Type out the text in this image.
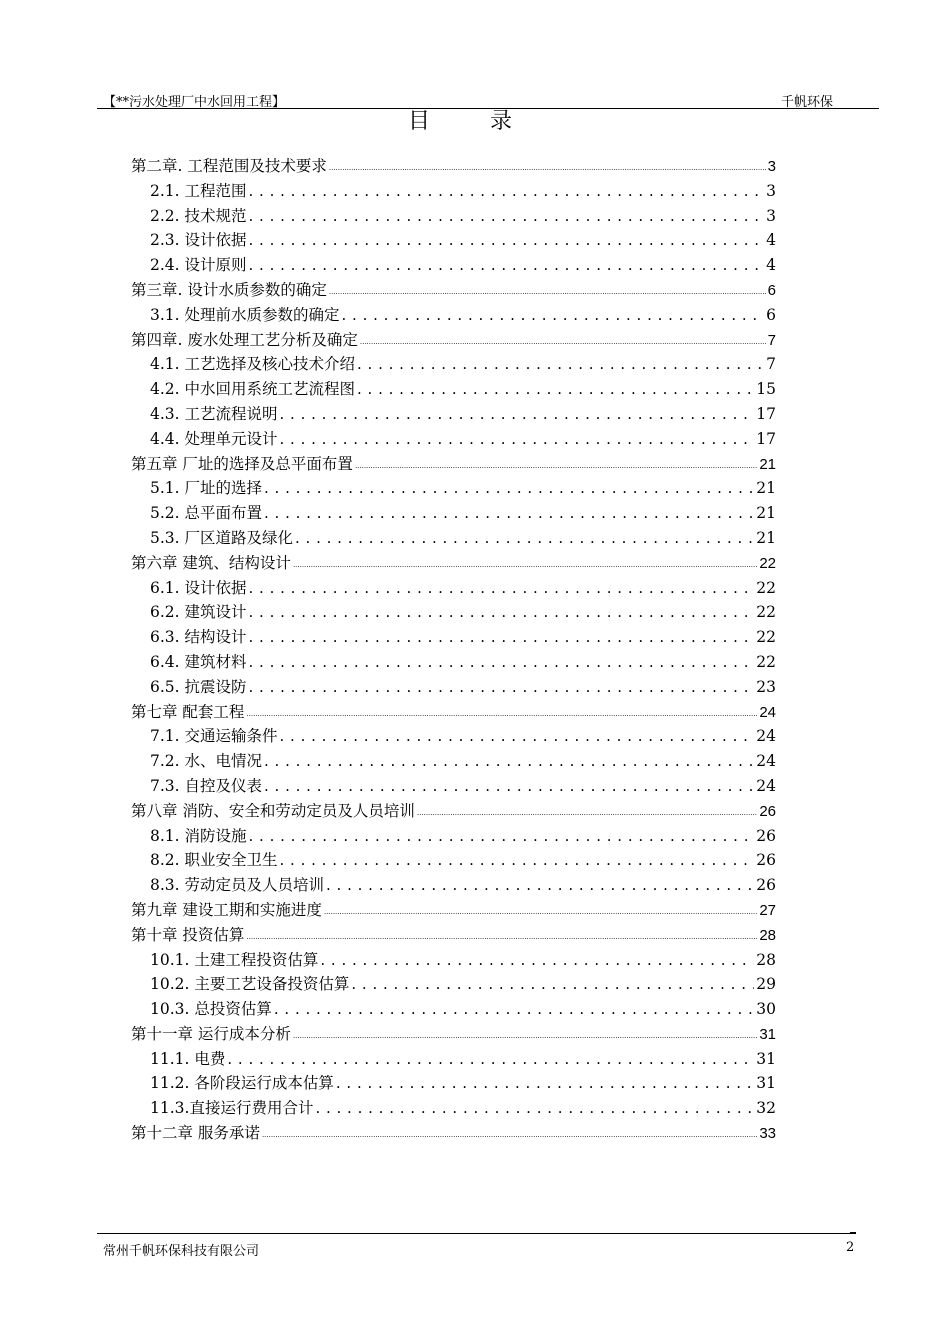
【**污水处理厂中水回用工程】	千帆环保
目录
第二章. 工程范围及技术要求 .....	3
2.1. 工程范围 . . .	3
2.2. 技术规范 . . .	3
2.3. 设计依据 . . .	4
2.4. 设计原则 . . .	4
第三章. 设计水质参数的确定 .....	6
3.1. 处理前水质参数的确定 . . .	6
第四章. 废水处理工艺分析及确定 .....	7
4.1. 工艺选择及核心技术介绍 . . .	7
4.2. 中水回用系统工艺流程图 . . .	15
4.3. 工艺流程说明 . . .	17
4.4. 处理单元设计 . . .	17
第五章 厂址的选择及总平面布置 .....	21
5.1. 厂址的选择 . . .	21
5.2. 总平面布置 . . .	21
5.3. 厂区道路及绿化 . . .	21
第六章 建筑、结构设计 .....	22
6.1. 设计依据 . . .	22
6.2. 建筑设计 . . .	22
6.3. 结构设计 . . .	22
6.4. 建筑材料 . . .	22
6.5. 抗震设防 . . .	23
第七章 配套工程 .....	24
7.1. 交通运输条件 . . .	24
7.2. 水、电情况 . . .	24
7.3. 自控及仪表 . . .	24
第八章 消防、安全和劳动定员及人员培训 .....	26
8.1. 消防设施 . . .	26
8.2. 职业安全卫生 . . .	26
8.3. 劳动定员及人员培训 . . .	26
第九章 建设工期和实施进度 .....	27
第十章 投资估算 .....	28
10.1. 土建工程投资估算 . . .	28
10.2. 主要工艺设备投资估算 . . .	29
10.3. 总投资估算 . . .	30
第十一章 运行成本分析 .....	31
11.1. 电费 . . .	31
11.2. 各阶段运行成本估算 . . .	31
11.3.直接运行费用合计 . . .	32
第十二章 服务承诺 .....	33
常州千帆环保科技有限公司	2
